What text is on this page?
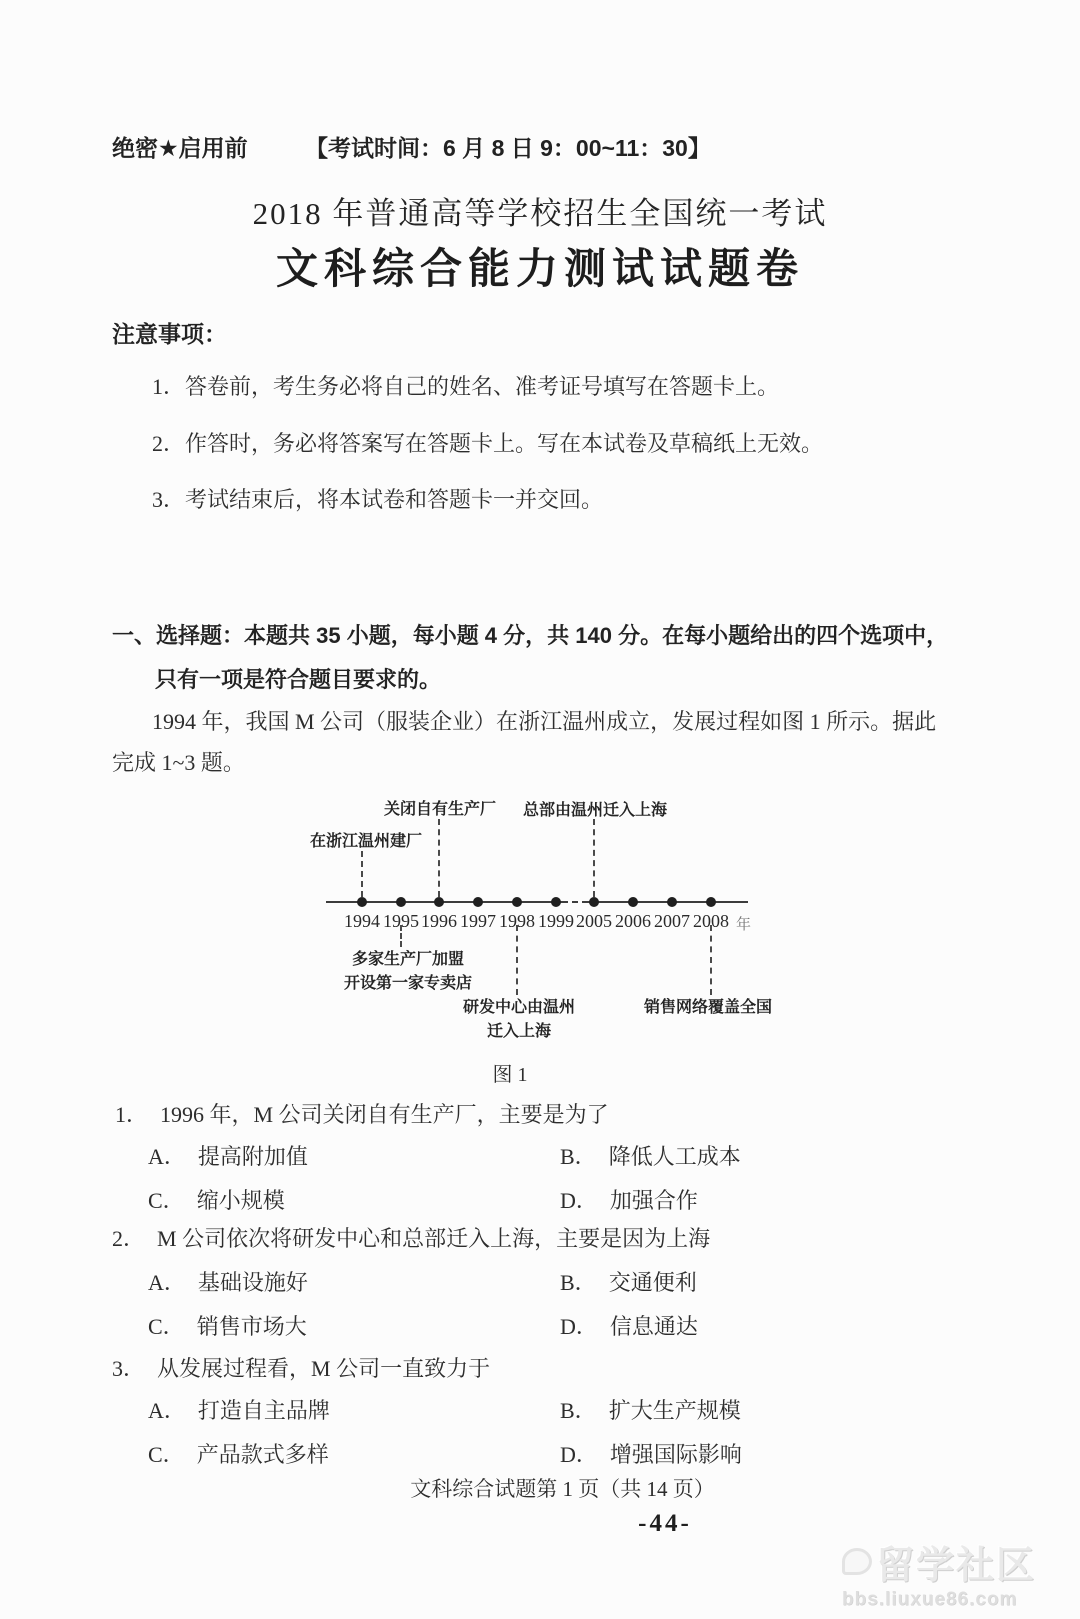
绝密★启用前 【考试时间：6 月 8 日 9：00~11：30】
2018 年普通高等学校招生全国统一考试
文科综合能力测试试题卷
注意事项：
1．答卷前，考生务必将自己的姓名、准考证号填写在答题卡上。
2．作答时，务必将答案写在答题卡上。写在本试卷及草稿纸上无效。
3．考试结束后，将本试卷和答题卡一并交回。
一、选择题：本题共 35 小题，每小题 4 分，共 140 分。在每小题给出的四个选项中，
只有一项是符合题目要求的。
1994 年，我国 M 公司（服装企业）在浙江温州成立，发展过程如图 1 所示。据此
完成 1~3 题。
1994 1995 1996 1997 1998 1999 2005 2006 2007 2008 年
在浙江温州建厂
关闭自有生产厂 总部由温州迁入上海
多家生产厂加盟
开设第一家专卖店
研发中心由温州
迁入上海
销售网络覆盖全国
图 1
1． 1996 年，M 公司关闭自有生产厂，主要是为了
A． 提高附加值	B． 降低人工成本
C． 缩小规模	D． 加强合作
2． M 公司依次将研发中心和总部迁入上海，主要是因为上海
A． 基础设施好	B． 交通便利
C． 销售市场大	D． 信息通达
3． 从发展过程看，M 公司一直致力于
A． 打造自主品牌	B． 扩大生产规模
C． 产品款式多样	D． 增强国际影响
文科综合试题第 1 页（共 14 页）
-44-
留学社区
bbs.liuxue86.com
